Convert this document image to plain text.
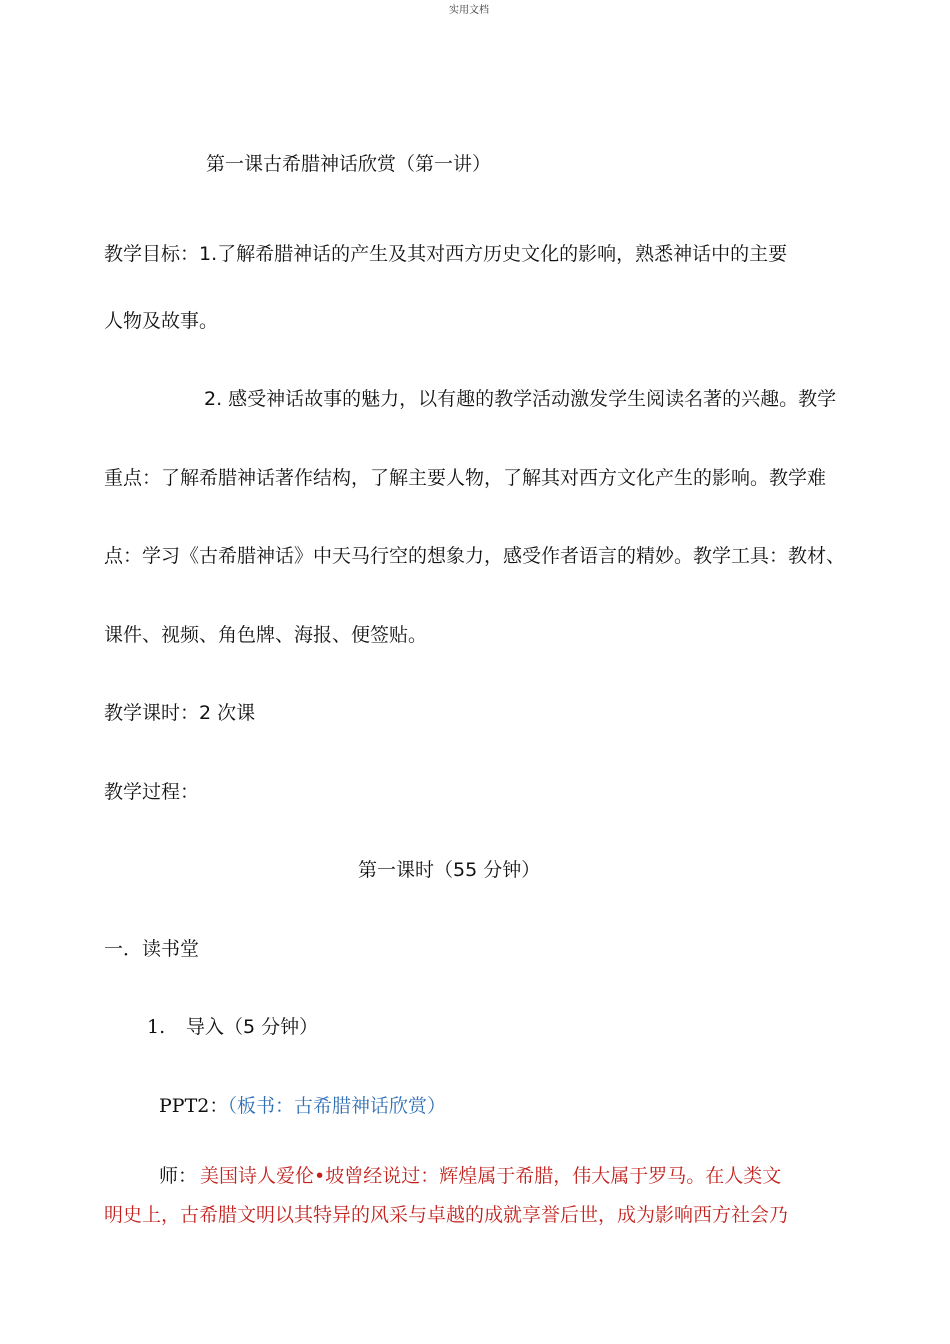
实用文档
第一课古希腊神话欣赏（第一讲）
教学目标：1.了解希腊神话的产生及其对西方历史文化的影响，熟悉神话中的主要
人物及故事。
2. 感受神话故事的魅力，以有趣的教学活动激发学生阅读名著的兴趣。教学
重点：了解希腊神话著作结构，了解主要人物，了解其对西方文化产生的影响。教学难
点：学习《古希腊神话》中天马行空的想象力，感受作者语言的精妙。教学工具：教材、
课件、视频、角色牌、海报、便签贴。
教学课时：2 次课
教学过程：
第一课时（55 分钟）
一．读书堂
1. 导入（5 分钟）
PPT2：
（板书：古希腊神话欣赏）
师： 美国诗人爱伦•坡曾经说过：辉煌属于希腊，伟大属于罗马。在人类文
明史上，古希腊文明以其特异的风采与卓越的成就享誉后世，成为影响西方社会乃
